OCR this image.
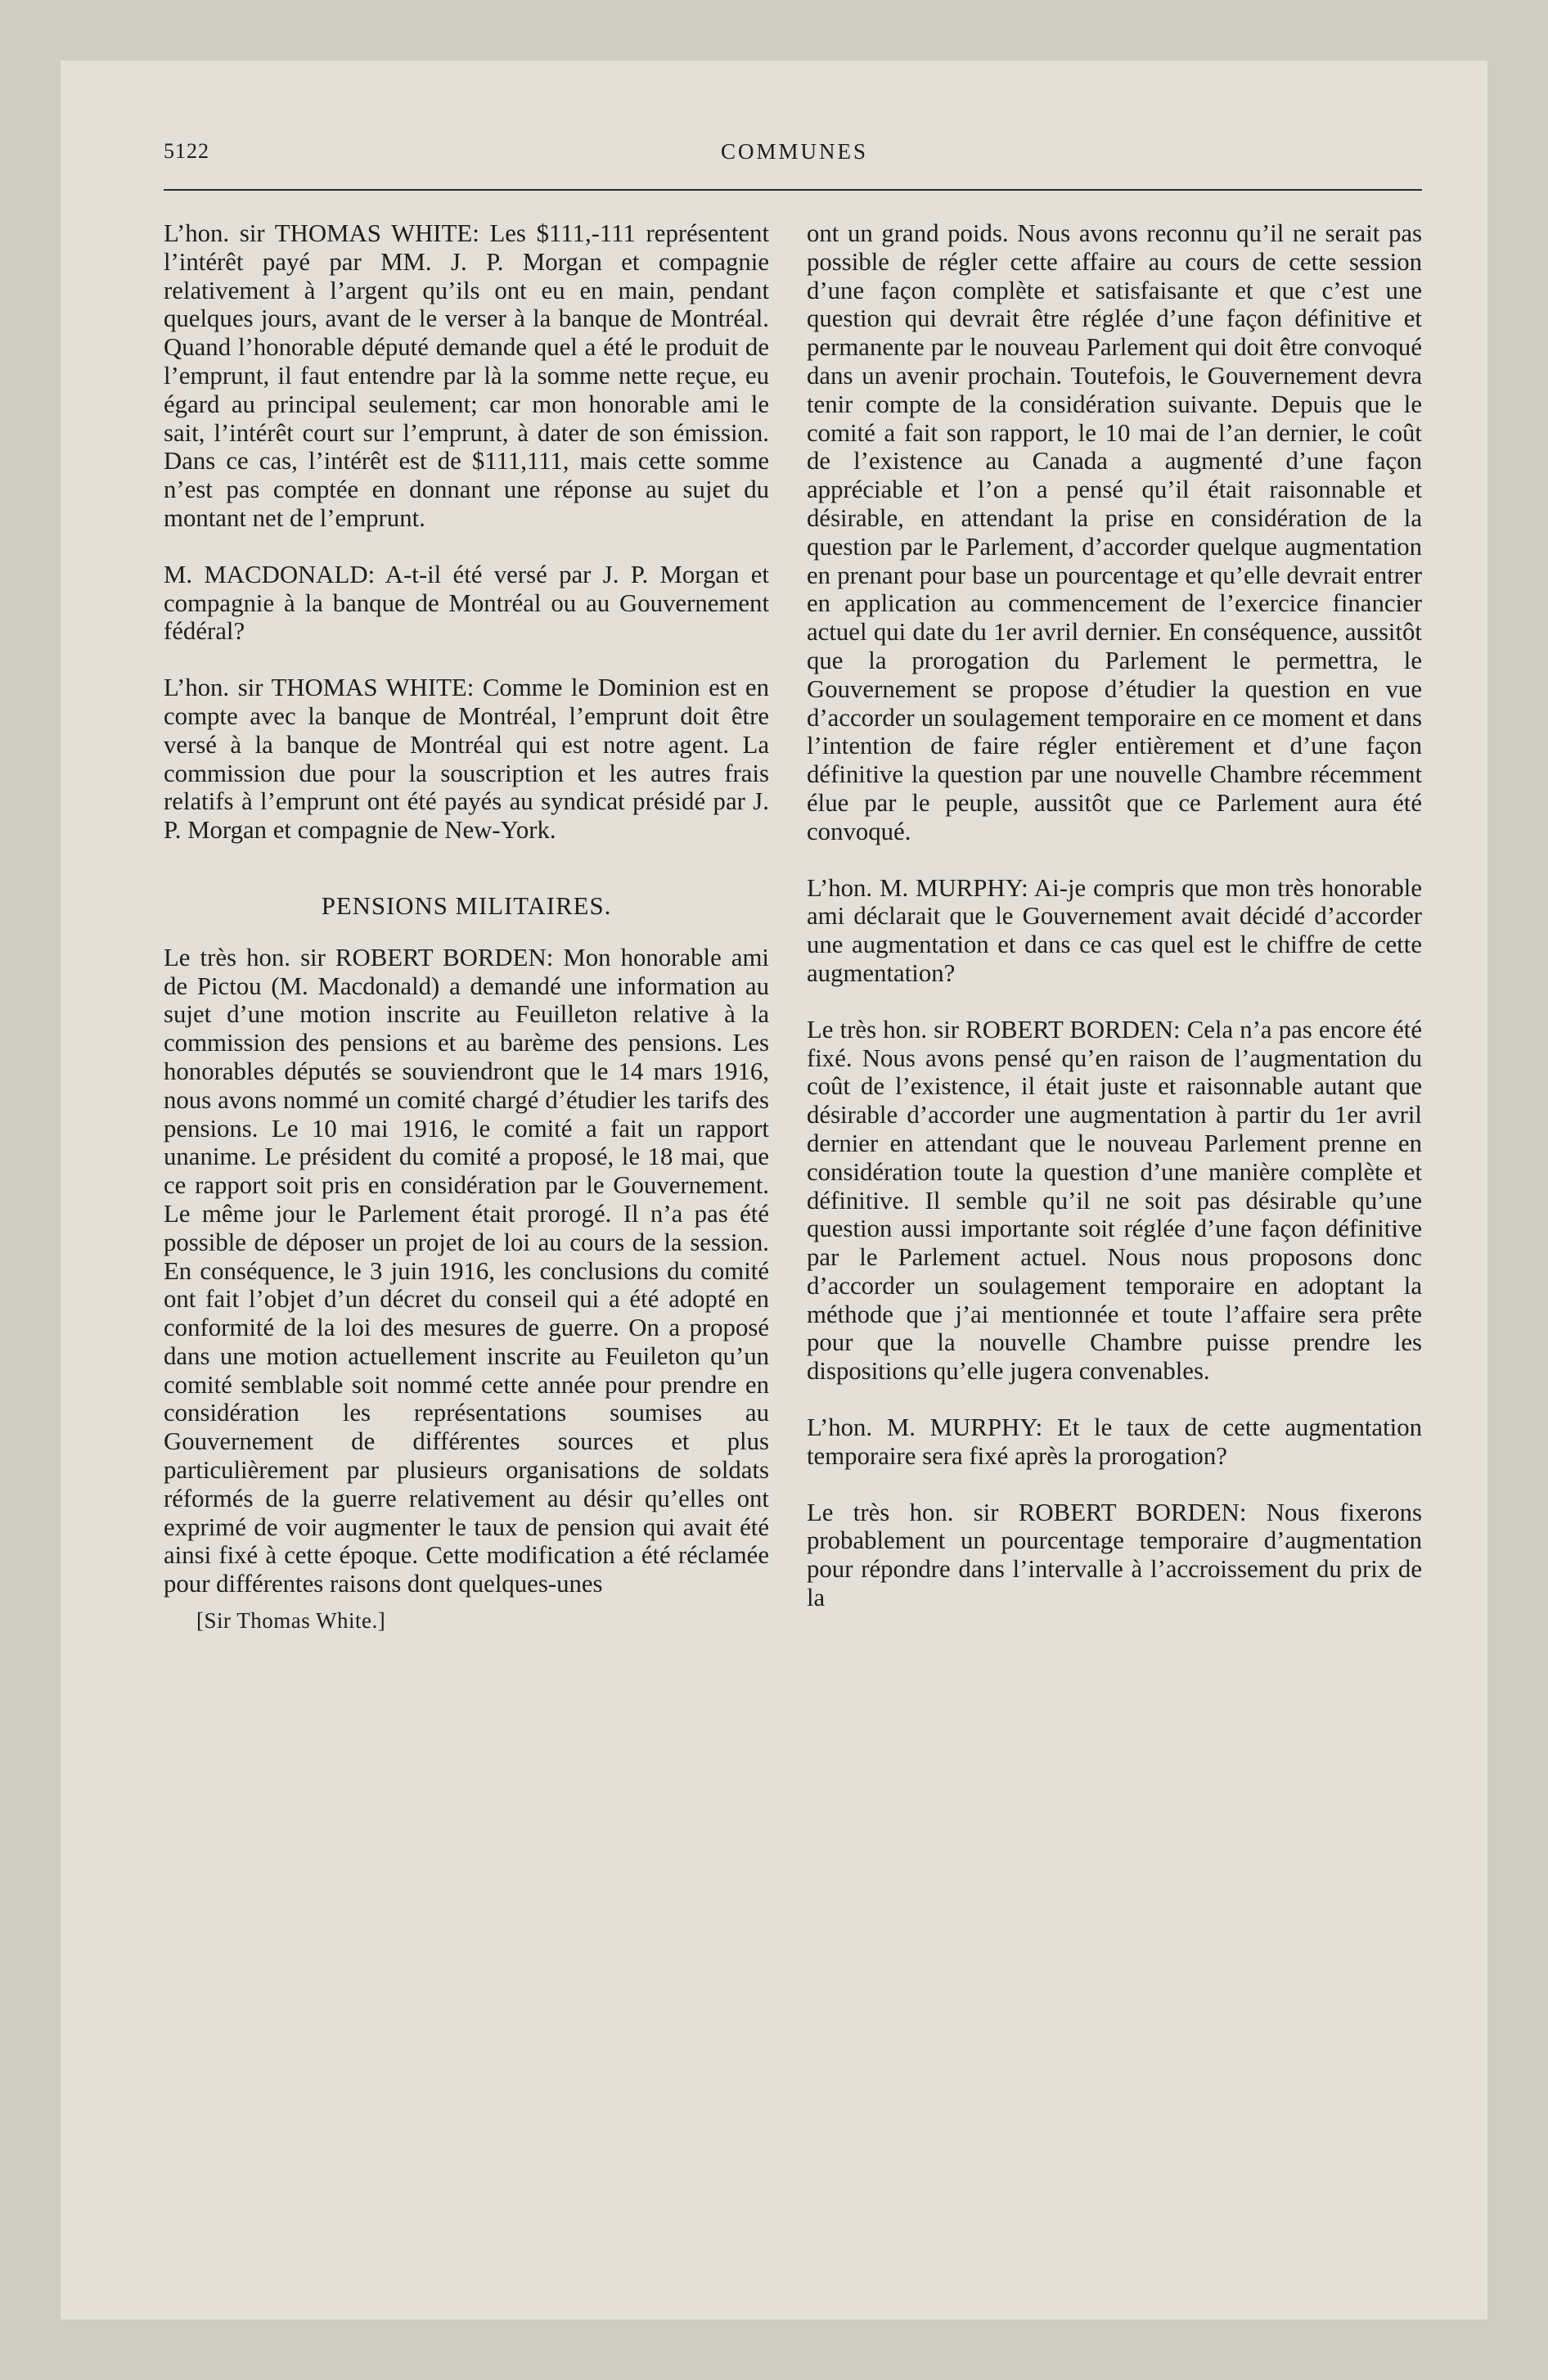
5122	COMMUNES

L’hon. sir THOMAS WHITE: Les $111,-111 représentent l’intérêt payé par MM. J. P. Morgan et compagnie relativement à l’argent qu’ils ont eu en main, pendant quelques jours, avant de le verser à la banque de Montréal. Quand l’honorable député demande quel a été le produit de l’emprunt, il faut entendre par là la somme nette reçue, eu égard au principal seulement; car mon honorable ami le sait, l’intérêt court sur l’emprunt, à dater de son émission. Dans ce cas, l’intérêt est de $111,111, mais cette somme n’est pas comptée en donnant une réponse au sujet du montant net de l’emprunt.

M. MACDONALD: A-t-il été versé par J. P. Morgan et compagnie à la banque de Montréal ou au Gouvernement fédéral?

L’hon. sir THOMAS WHITE: Comme le Dominion est en compte avec la banque de Montréal, l’emprunt doit être versé à la banque de Montréal qui est notre agent. La commission due pour la souscription et les autres frais relatifs à l’emprunt ont été payés au syndicat présidé par J. P. Morgan et compagnie de New-York.

PENSIONS MILITAIRES.

Le très hon. sir ROBERT BORDEN: Mon honorable ami de Pictou (M. Macdonald) a demandé une information au sujet d’une motion inscrite au Feuilleton relative à la commission des pensions et au barème des pensions. Les honorables députés se souviendront que le 14 mars 1916, nous avons nommé un comité chargé d’étudier les tarifs des pensions. Le 10 mai 1916, le comité a fait un rapport unanime. Le président du comité a proposé, le 18 mai, que ce rapport soit pris en considération par le Gouvernement. Le même jour le Parlement était prorogé. Il n’a pas été possible de déposer un projet de loi au cours de la session. En conséquence, le 3 juin 1916, les conclusions du comité ont fait l’objet d’un décret du conseil qui a été adopté en conformité de la loi des mesures de guerre. On a proposé dans une motion actuellement inscrite au Feuileton qu’un comité semblable soit nommé cette année pour prendre en considération les représentations soumises au Gouvernement de différentes sources et plus particulièrement par plusieurs organisations de soldats réformés de la guerre relativement au désir qu’elles ont exprimé de voir augmenter le taux de pension qui avait été ainsi fixé à cette époque. Cette modification a été réclamée pour différentes raisons dont quelques-unes

[Sir Thomas White.]

ont un grand poids. Nous avons reconnu qu’il ne serait pas possible de régler cette affaire au cours de cette session d’une façon complète et satisfaisante et que c’est une question qui devrait être réglée d’une façon définitive et permanente par le nouveau Parlement qui doit être convoqué dans un avenir prochain. Toutefois, le Gouvernement devra tenir compte de la considération suivante. Depuis que le comité a fait son rapport, le 10 mai de l’an dernier, le coût de l’existence au Canada a augmenté d’une façon appréciable et l’on a pensé qu’il était raisonnable et désirable, en attendant la prise en considération de la question par le Parlement, d’accorder quelque augmentation en prenant pour base un pourcentage et qu’elle devrait entrer en application au commencement de l’exercice financier actuel qui date du 1er avril dernier. En conséquence, aussitôt que la prorogation du Parlement le permettra, le Gouvernement se propose d’étudier la question en vue d’accorder un soulagement temporaire en ce moment et dans l’intention de faire régler entièrement et d’une façon définitive la question par une nouvelle Chambre récemment élue par le peuple, aussitôt que ce Parlement aura été convoqué.

L’hon. M. MURPHY: Ai-je compris que mon très honorable ami déclarait que le Gouvernement avait décidé d’accorder une augmentation et dans ce cas quel est le chiffre de cette augmentation?

Le très hon. sir ROBERT BORDEN: Cela n’a pas encore été fixé. Nous avons pensé qu’en raison de l’augmentation du coût de l’existence, il était juste et raisonnable autant que désirable d’accorder une augmentation à partir du 1er avril dernier en attendant que le nouveau Parlement prenne en considération toute la question d’une manière complète et définitive. Il semble qu’il ne soit pas désirable qu’une question aussi importante soit réglée d’une façon définitive par le Parlement actuel. Nous nous proposons donc d’accorder un soulagement temporaire en adoptant la méthode que j’ai mentionnée et toute l’affaire sera prête pour que la nouvelle Chambre puisse prendre les dispositions qu’elle jugera convenables.

L’hon. M. MURPHY: Et le taux de cette augmentation temporaire sera fixé après la prorogation?

Le très hon. sir ROBERT BORDEN: Nous fixerons probablement un pourcentage temporaire d’augmentation pour répondre dans l’intervalle à l’accroissement du prix de la
